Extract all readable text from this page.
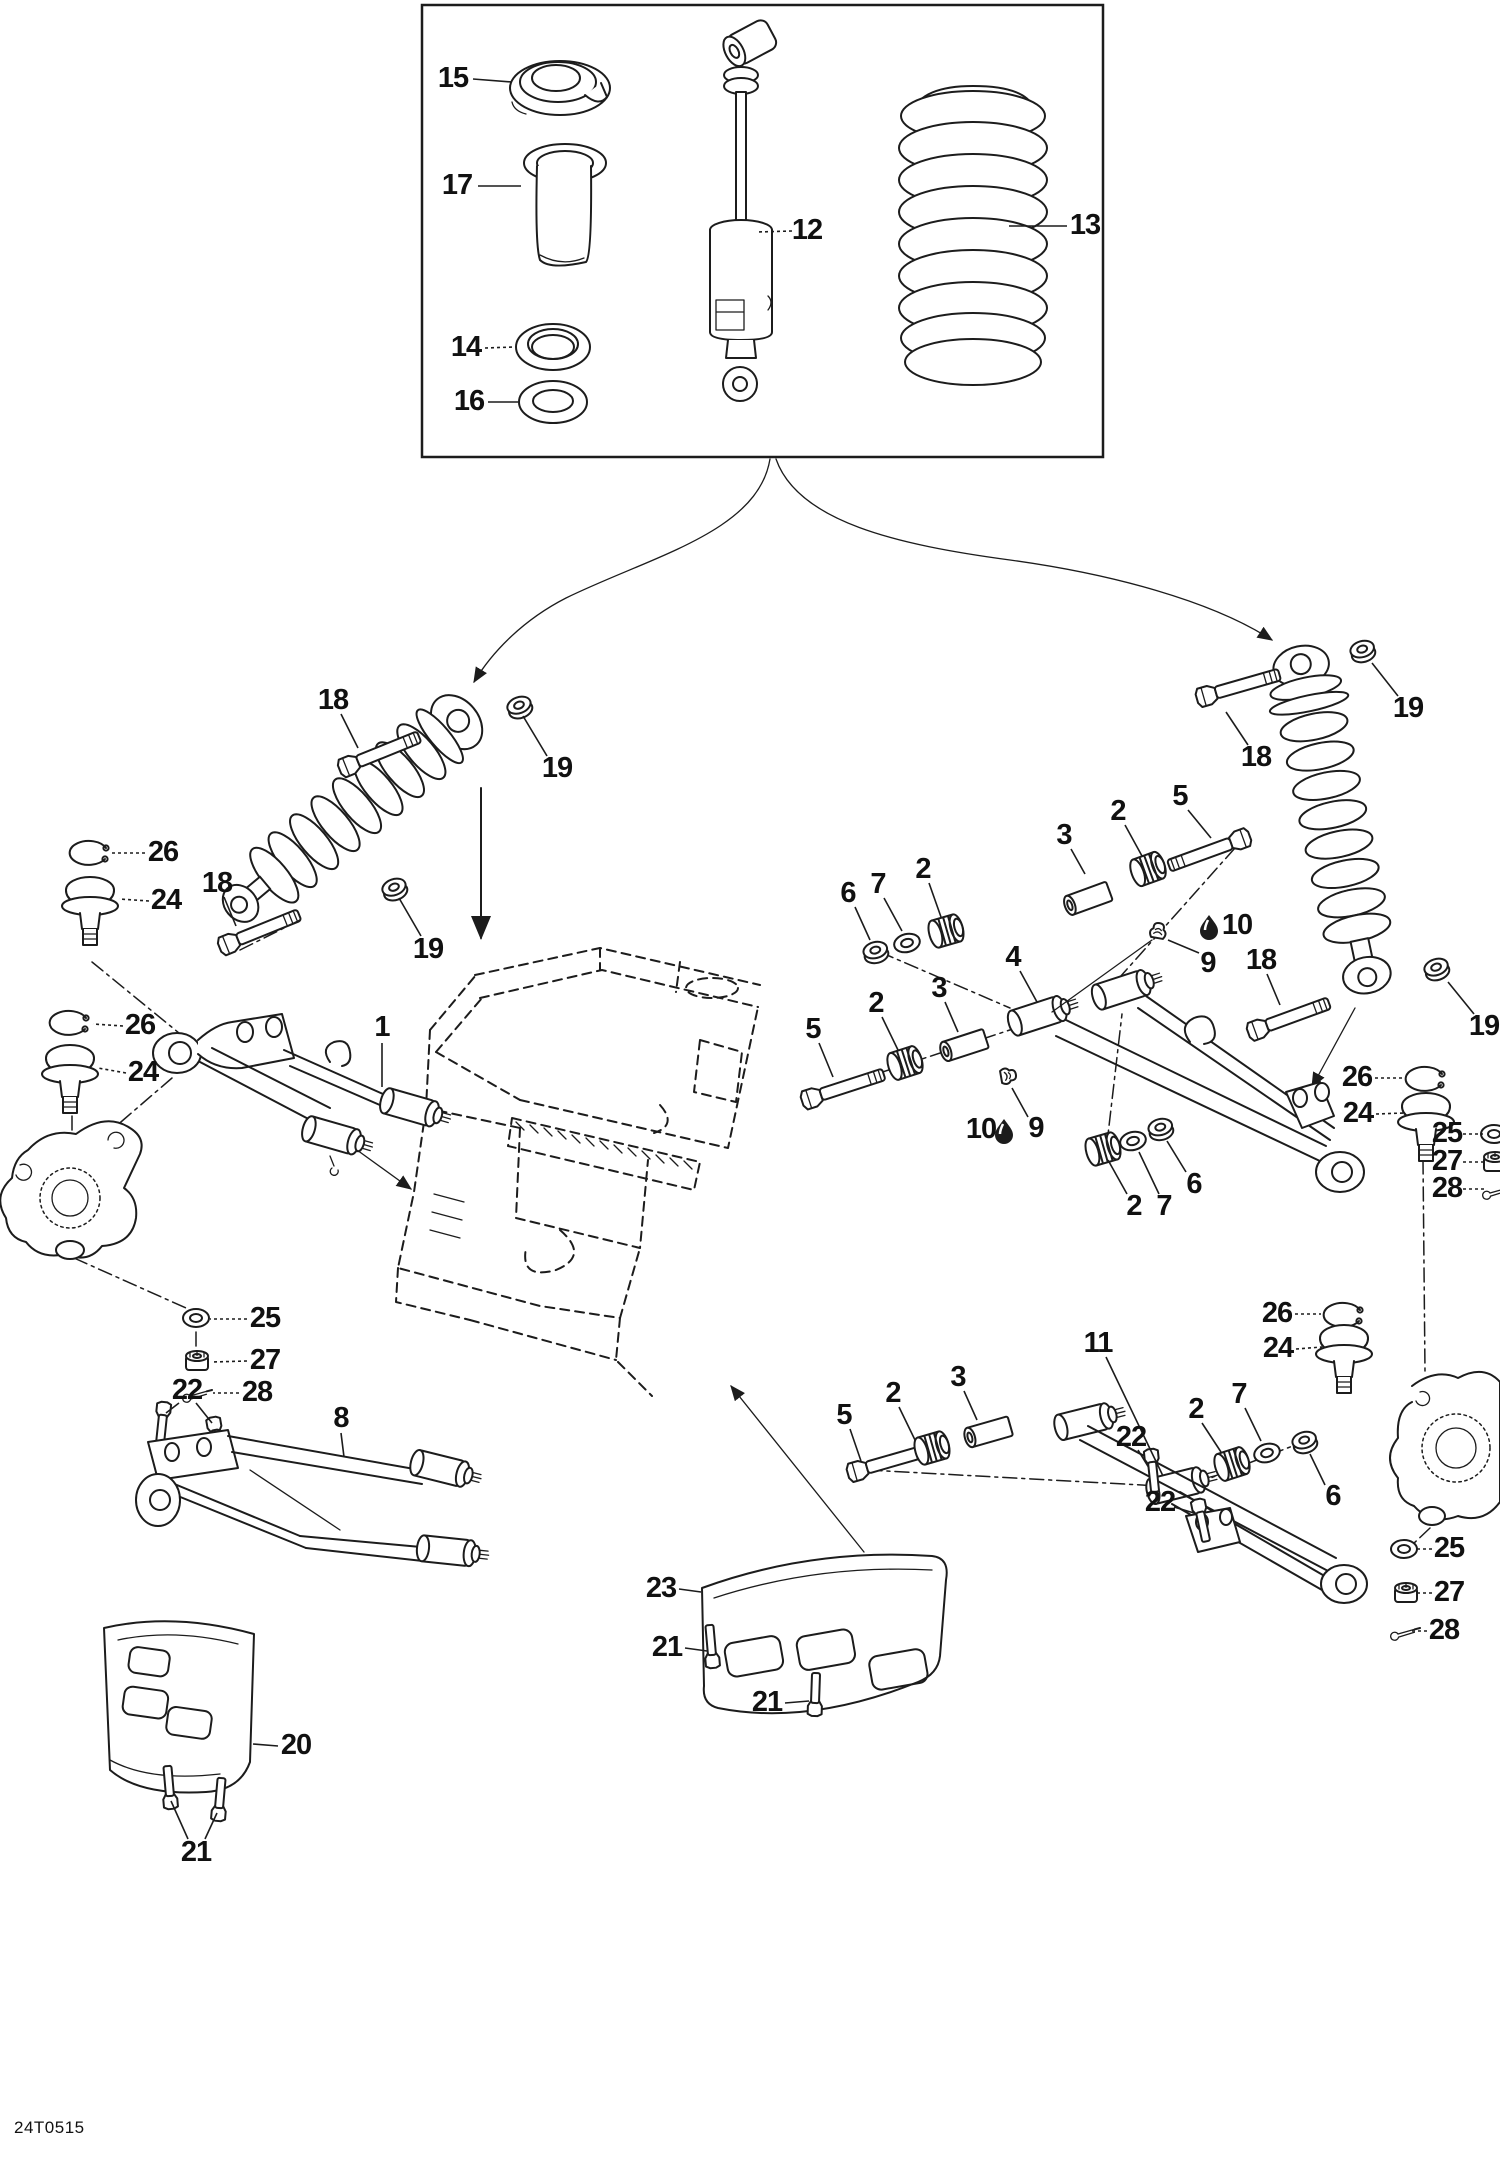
15
17
14
16
12	13
18
19
18
19
26
24
26
24
1
18
19
18
19
3
2 5
6 7 2
4
10
9
2 3
5
10 9
11
26
24
25
27
28
2 7
6
26
24
7
2
6
5
2 3
22
22
25
27
28
8
22
25
27
28
20
21
23
21
21
24T0515
